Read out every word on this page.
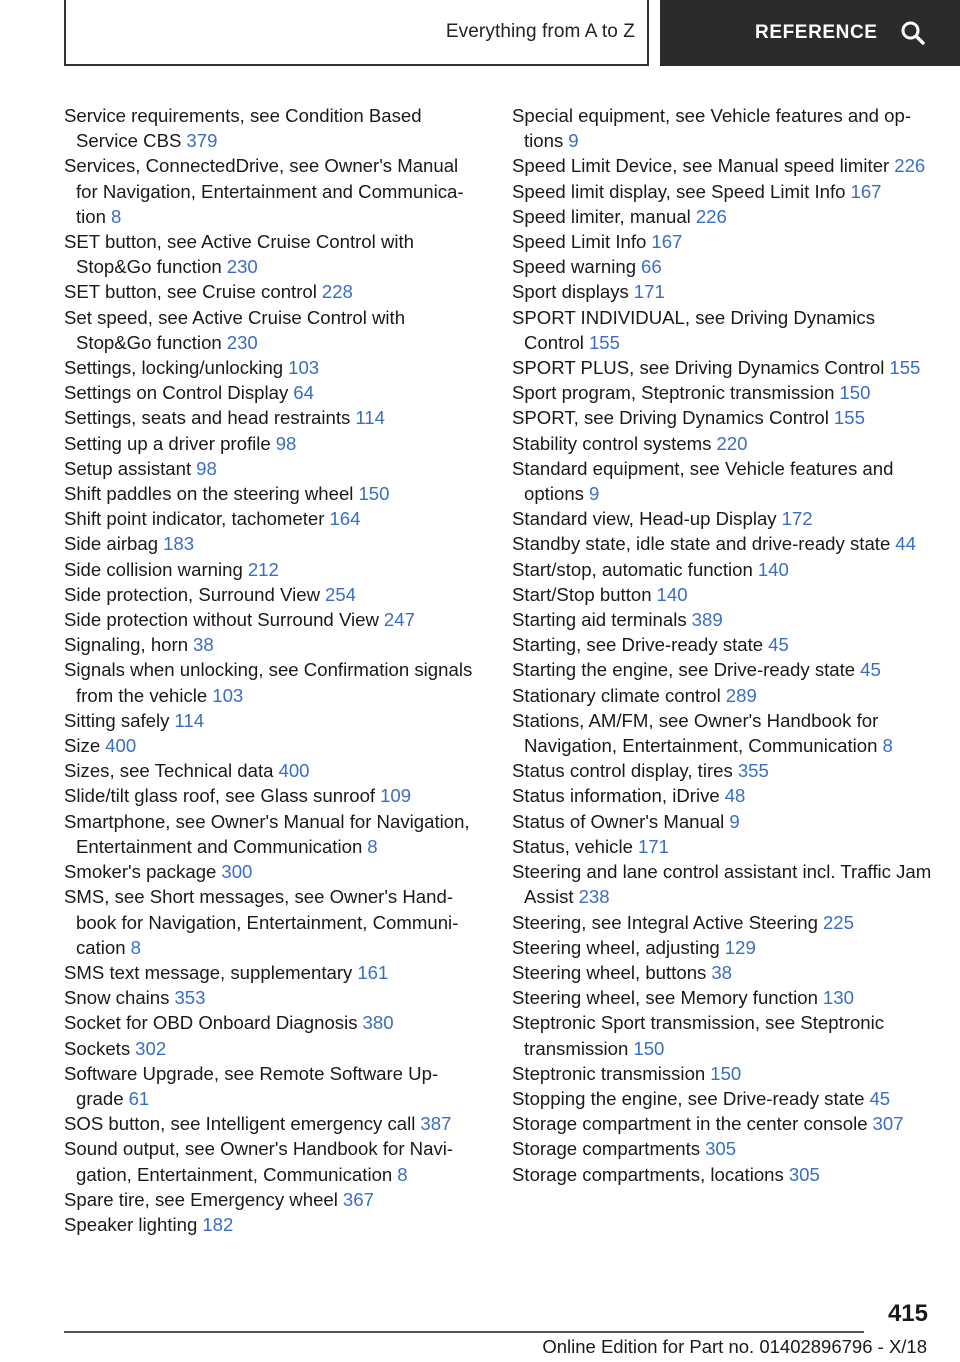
Everything from A to Z	REFERENCE
Service requirements, see Condition Based Service CBS 379
Services, ConnectedDrive, see Owner's Manual for Navigation, Entertainment and Communication 8
SET button, see Active Cruise Control with Stop&Go function 230
SET button, see Cruise control 228
Set speed, see Active Cruise Control with Stop&Go function 230
Settings, locking/unlocking 103
Settings on Control Display 64
Settings, seats and head restraints 114
Setting up a driver profile 98
Setup assistant 98
Shift paddles on the steering wheel 150
Shift point indicator, tachometer 164
Side airbag 183
Side collision warning 212
Side protection, Surround View 254
Side protection without Surround View 247
Signaling, horn 38
Signals when unlocking, see Confirmation signals from the vehicle 103
Sitting safely 114
Size 400
Sizes, see Technical data 400
Slide/tilt glass roof, see Glass sunroof 109
Smartphone, see Owner's Manual for Navigation, Entertainment and Communication 8
Smoker's package 300
SMS, see Short messages, see Owner's Handbook for Navigation, Entertainment, Communication 8
SMS text message, supplementary 161
Snow chains 353
Socket for OBD Onboard Diagnosis 380
Sockets 302
Software Upgrade, see Remote Software Upgrade 61
SOS button, see Intelligent emergency call 387
Sound output, see Owner's Handbook for Navigation, Entertainment, Communication 8
Spare tire, see Emergency wheel 367
Speaker lighting 182
Special equipment, see Vehicle features and options 9
Speed Limit Device, see Manual speed limiter 226
Speed limit display, see Speed Limit Info 167
Speed limiter, manual 226
Speed Limit Info 167
Speed warning 66
Sport displays 171
SPORT INDIVIDUAL, see Driving Dynamics Control 155
SPORT PLUS, see Driving Dynamics Control 155
Sport program, Steptronic transmission 150
SPORT, see Driving Dynamics Control 155
Stability control systems 220
Standard equipment, see Vehicle features and options 9
Standard view, Head-up Display 172
Standby state, idle state and drive-ready state 44
Start/stop, automatic function 140
Start/Stop button 140
Starting aid terminals 389
Starting, see Drive-ready state 45
Starting the engine, see Drive-ready state 45
Stationary climate control 289
Stations, AM/FM, see Owner's Handbook for Navigation, Entertainment, Communication 8
Status control display, tires 355
Status information, iDrive 48
Status of Owner's Manual 9
Status, vehicle 171
Steering and lane control assistant incl. Traffic Jam Assist 238
Steering, see Integral Active Steering 225
Steering wheel, adjusting 129
Steering wheel, buttons 38
Steering wheel, see Memory function 130
Steptronic Sport transmission, see Steptronic transmission 150
Steptronic transmission 150
Stopping the engine, see Drive-ready state 45
Storage compartment in the center console 307
Storage compartments 305
Storage compartments, locations 305
415
Online Edition for Part no. 01402896796 - X/18
